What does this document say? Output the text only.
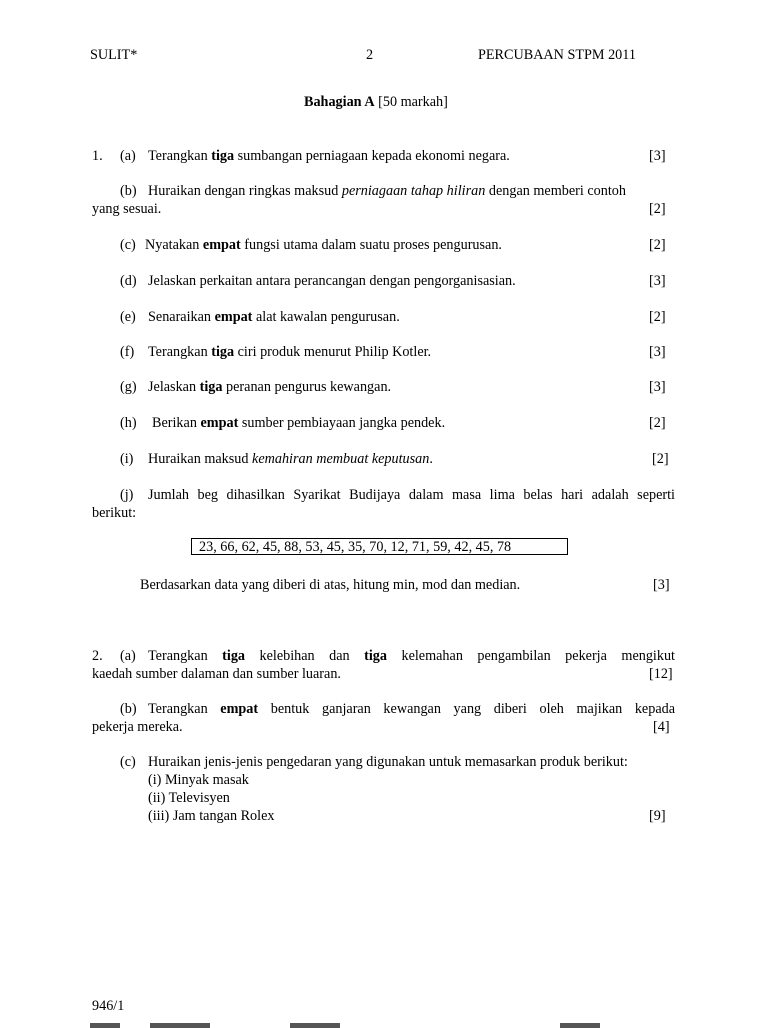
SULIT*	2	PERCUBAAN STPM 2011
Bahagian A [50 markah]
1. (a) Terangkan tiga sumbangan perniagaan kepada ekonomi negara.	[3]
(b) Huraikan dengan ringkas maksud perniagaan tahap hiliran dengan memberi contoh
yang sesuai.	[2]
(c) Nyatakan empat fungsi utama dalam suatu proses pengurusan.	[2]
(d) Jelaskan perkaitan antara perancangan dengan pengorganisasian.	[3]
(e) Senaraikan empat alat kawalan pengurusan.	[2]
(f) Terangkan tiga ciri produk menurut Philip Kotler.	[3]
(g) Jelaskan tiga peranan pengurus kewangan.	[3]
(h) Berikan empat sumber pembiayaan jangka pendek.	[2]
(i) Huraikan maksud kemahiran membuat keputusan.	[2]
(j) Jumlah beg dihasilkan Syarikat Budijaya dalam masa lima belas hari adalah seperti
berikut:
23, 66, 62, 45, 88, 53, 45, 35, 70, 12, 71, 59, 42, 45, 78
Berdasarkan data yang diberi di atas, hitung min, mod dan median.	[3]
2. (a) Terangkan tiga kelebihan dan tiga kelemahan pengambilan pekerja mengikut
kaedah sumber dalaman dan sumber luaran.	[12]
(b) Terangkan empat bentuk ganjaran kewangan yang diberi oleh majikan kepada
pekerja mereka.	[4]
(c) Huraikan jenis-jenis pengedaran yang digunakan untuk memasarkan produk berikut:
(i) Minyak masak
(ii) Televisyen
(iii) Jam tangan Rolex	[9]
946/1
